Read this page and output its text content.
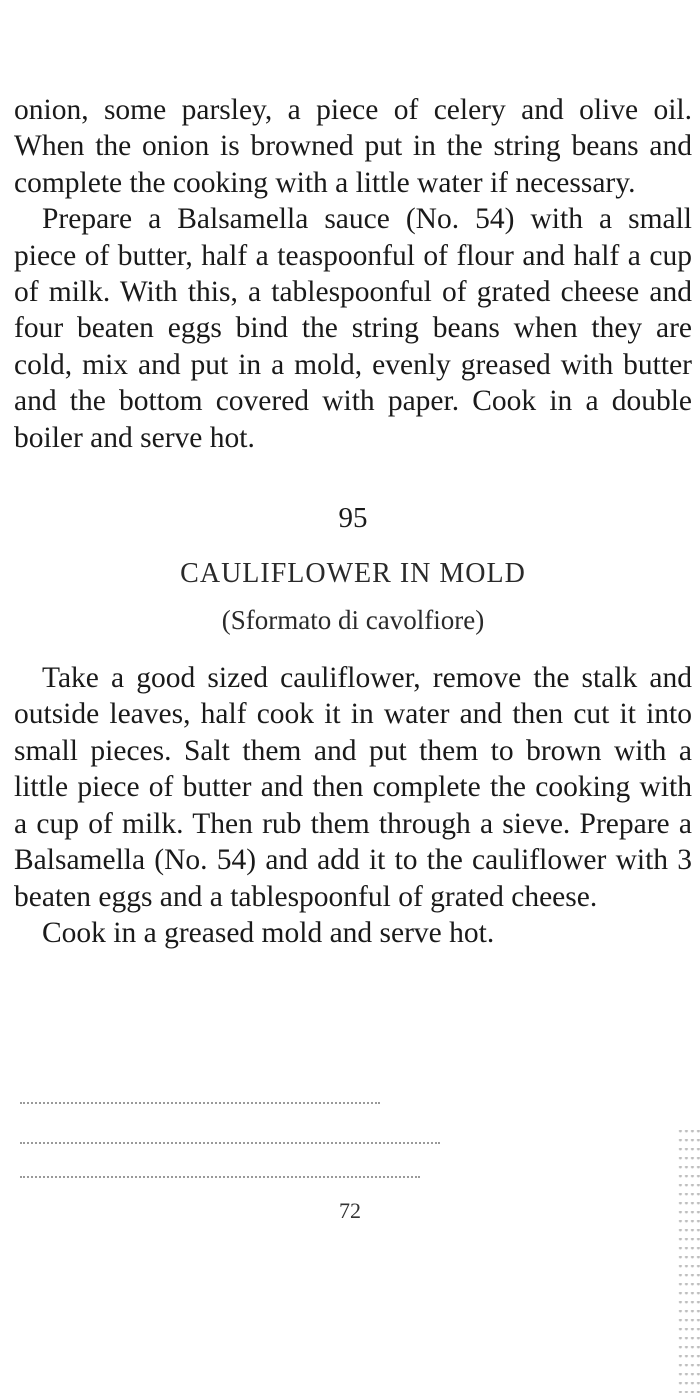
onion, some parsley, a piece of celery and olive oil. When the onion is browned put in the string beans and complete the cooking with a little water if necessary.

Prepare a Balsamella sauce (No. 54) with a small piece of butter, half a teaspoonful of flour and half a cup of milk. With this, a tablespoonful of grated cheese and four beaten eggs bind the string beans when they are cold, mix and put in a mold, evenly greased with butter and the bottom covered with paper. Cook in a double boiler and serve hot.

95
CAULIFLOWER IN MOLD
(Sformato di cavolfiore)

Take a good sized cauliflower, remove the stalk and outside leaves, half cook it in water and then cut it into small pieces. Salt them and put them to brown with a little piece of butter and then complete the cooking with a cup of milk. Then rub them through a sieve. Prepare a Balsamella (No. 54) and add it to the cauliflower with 3 beaten eggs and a tablespoonful of grated cheese.

Cook in a greased mold and serve hot.

72
